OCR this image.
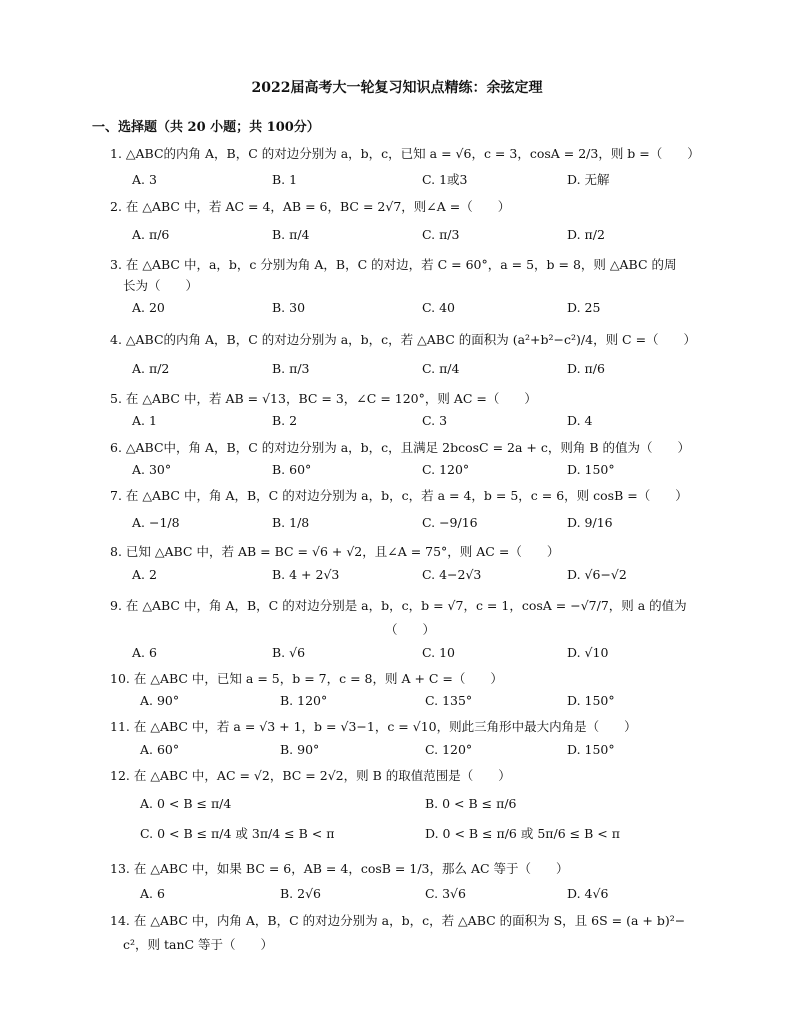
2022届高考大一轮复习知识点精练：余弦定理
一、选择题（共 20 小题；共 100分）
1. △ABC的内角 A，B，C 的对边分别为 a，b，c，已知 a = √6，c = 3，cosA = 2/3，则 b =（　　）
A. 3	B. 1	C. 1或3	D. 无解
2. 在 △ABC 中，若 AC = 4，AB = 6，BC = 2√7，则∠A =（　　）
A. π/6	B. π/4	C. π/3	D. π/2
3. 在 △ABC 中，a，b，c 分别为角 A，B，C 的对边，若 C = 60°，a = 5，b = 8，则 △ABC 的周
长为（　　）
A. 20	B. 30	C. 40	D. 25
4. △ABC的内角 A，B，C 的对边分别为 a，b，c，若 △ABC 的面积为 (a²+b²−c²)/4，则 C =（　　）
A. π/2	B. π/3	C. π/4	D. π/6
5. 在 △ABC 中，若 AB = √13，BC = 3，∠C = 120°，则 AC =（　　）
A. 1	B. 2	C. 3	D. 4
6. △ABC中，角 A，B，C 的对边分别为 a，b，c，且满足 2bcosC = 2a + c，则角 B 的值为（　　）
A. 30°	B. 60°	C. 120°	D. 150°
7. 在 △ABC 中，角 A，B，C 的对边分别为 a，b，c，若 a = 4，b = 5，c = 6，则 cosB =（　　）
A. −1/8	B. 1/8	C. −9/16	D. 9/16
8. 已知 △ABC 中，若 AB = BC = √6 + √2，且∠A = 75°，则 AC =（　　）
A. 2	B. 4 + 2√3	C. 4−2√3	D. √6−√2
9. 在 △ABC 中，角 A，B，C 的对边分别是 a，b，c，b = √7，c = 1，cosA = −√7/7，则 a 的值为
（　　）
A. 6	B. √6	C. 10	D. √10
10. 在 △ABC 中，已知 a = 5，b = 7，c = 8，则 A + C =（　　）
A. 90°	B. 120°	C. 135°	D. 150°
11. 在 △ABC 中，若 a = √3 + 1，b = √3−1，c = √10，则此三角形中最大内角是（　　）
A. 60°	B. 90°	C. 120°	D. 150°
12. 在 △ABC 中，AC = √2，BC = 2√2，则 B 的取值范围是（　　）
A. 0 < B ≤ π/4	B. 0 < B ≤ π/6
C. 0 < B ≤ π/4 或 3π/4 ≤ B < π	D. 0 < B ≤ π/6 或 5π/6 ≤ B < π
13. 在 △ABC 中，如果 BC = 6，AB = 4，cosB = 1/3，那么 AC 等于（　　）
A. 6	B. 2√6	C. 3√6	D. 4√6
14. 在 △ABC 中，内角 A，B，C 的对边分别为 a，b，c，若 △ABC 的面积为 S，且 6S = (a + b)²−
c²，则 tanC 等于（　　）
